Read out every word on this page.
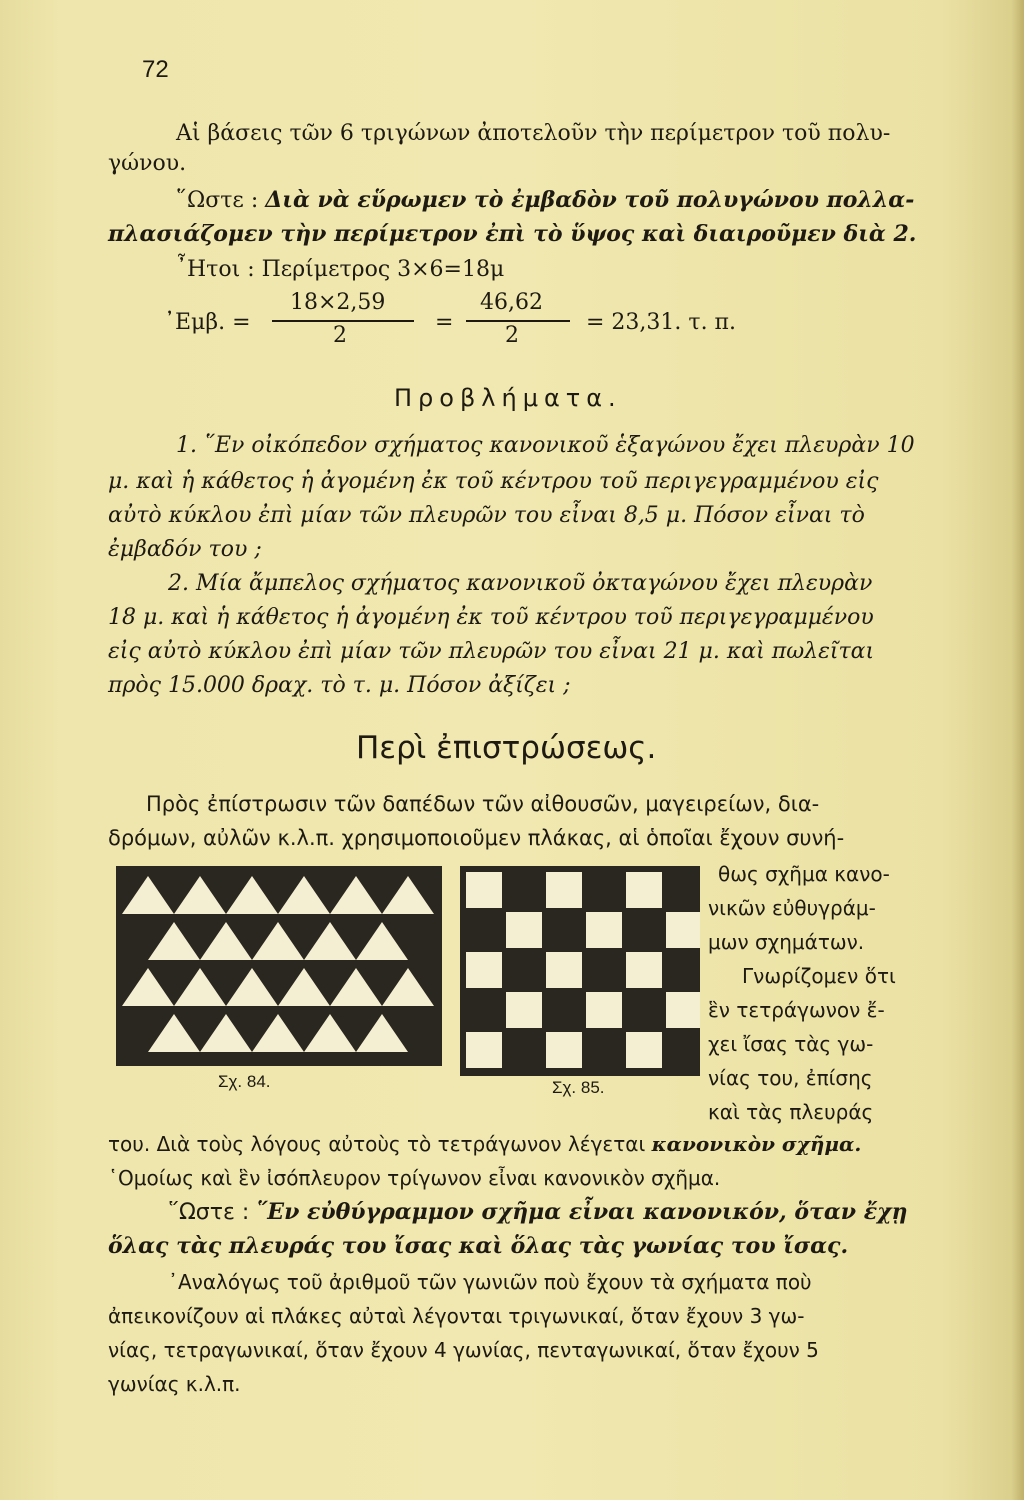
72
Αἱ βάσεις τῶν 6 τριγώνων ἀποτελοῦν τὴν περίμετρον τοῦ πολυ-
γώνου.
῞Ωστε : Διὰ νὰ εὕρωμεν τὸ ἐμβαδὸν τοῦ πολυγώνου πολλα-
πλασιάζομεν τὴν περίμετρον ἐπὶ τὸ ὕψος καὶ διαιροῦμεν διὰ 2.
῏Ητοι : Περίμετρος 3×6=18μ
᾽Εμβ. =
18×2,59
2
=
46,62
2
= 23,31. τ. π.
Προβλήματα.
1. ῞Εν οἰκόπεδον σχήματος κανονικοῦ ἑξαγώνου ἔχει πλευρὰν 10
μ. καὶ ἡ κάθετος ἡ ἀγομένη ἐκ τοῦ κέντρου τοῦ περιγεγραμμένου εἰς
αὐτὸ κύκλου ἐπὶ μίαν τῶν πλευρῶν του εἶναι 8,5 μ. Πόσον εἶναι τὸ
ἐμβαδόν του ;
2. Μία ἄμπελος σχήματος κανονικοῦ ὀκταγώνου ἔχει πλευρὰν
18 μ. καὶ ἡ κάθετος ἡ ἀγομένη ἐκ τοῦ κέντρου τοῦ περιγεγραμμένου
εἰς αὐτὸ κύκλου ἐπὶ μίαν τῶν πλευρῶν του εἶναι 21 μ. καὶ πωλεῖται
πρὸς 15.000 δραχ. τὸ τ. μ. Πόσον ἀξίζει ;
Περὶ ἐπιστρώσεως.
Πρὸς ἐπίστρωσιν τῶν δαπέδων τῶν αἰθουσῶν, μαγειρείων, δια-
δρόμων, αὐλῶν κ.λ.π. χρησιμοποιοῦμεν πλάκας, αἱ ὁποῖαι ἔχουν συνή-
Σχ. 84.	Σχ. 85.
θως σχῆμα κανο-
νικῶν εὐθυγράμ-
μων σχημάτων.
Γνωρίζομεν ὅτι
ἓν τετράγωνον ἔ-
χει ἴσας τὰς γω-
νίας του, ἐπίσης
καὶ τὰς πλευράς
του. Διὰ τοὺς λόγους αὐτοὺς τὸ τετράγωνον λέγεται κανονικὸν σχῆμα.
῾Ομοίως καὶ ἓν ἰσόπλευρον τρίγωνον εἶναι κανονικὸν σχῆμα.
῞Ωστε : ῞Εν εὐθύγραμμον σχῆμα εἶναι κανονικόν, ὅταν ἔχῃ
ὅλας τὰς πλευράς του ἴσας καὶ ὅλας τὰς γωνίας του ἴσας.
᾽Αναλόγως τοῦ ἀριθμοῦ τῶν γωνιῶν ποὺ ἔχουν τὰ σχήματα ποὺ
ἀπεικονίζουν αἱ πλάκες αὐταὶ λέγονται τριγωνικαί, ὅταν ἔχουν 3 γω-
νίας, τετραγωνικαί, ὅταν ἔχουν 4 γωνίας, πενταγωνικαί, ὅταν ἔχουν 5
γωνίας κ.λ.π.
